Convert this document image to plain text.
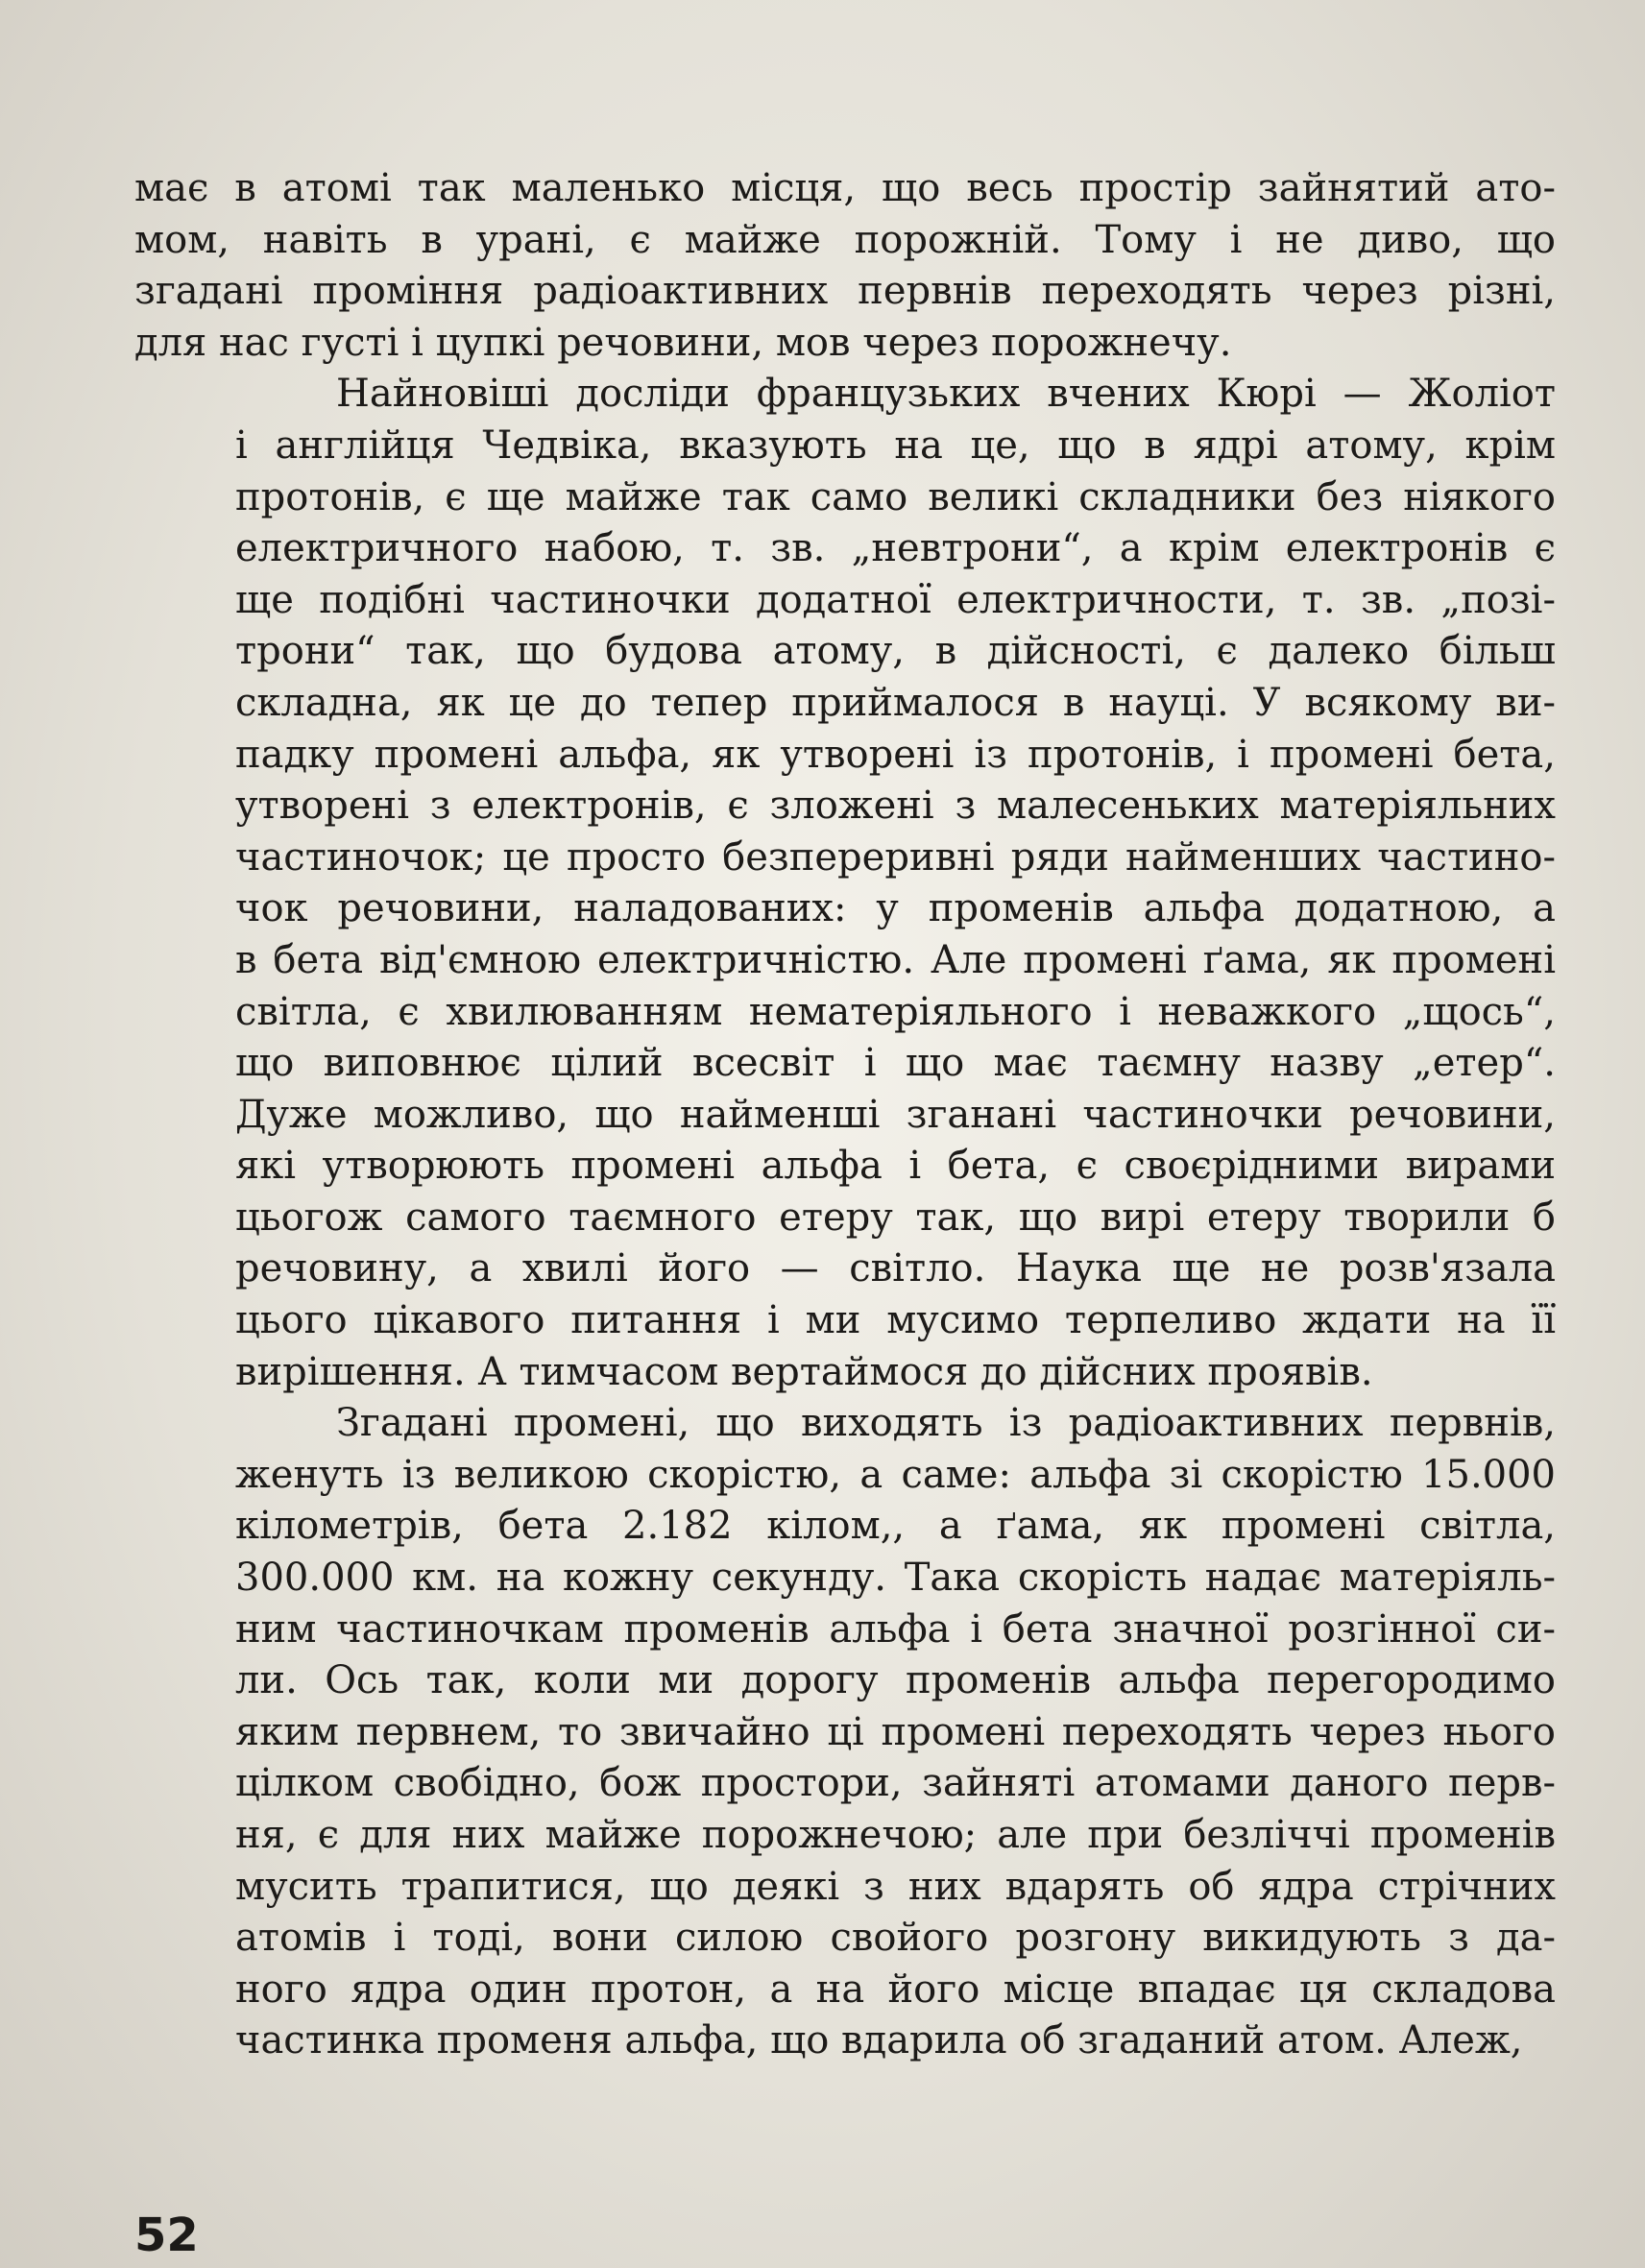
має в атомі так маленько місця, що весь простір зайнятий ато-
мом, навіть в урані, є майже порожній. Тому і не диво, що
згадані проміння радіоактивних первнів переходять через різні,
для нас густі і цупкі речовини, мов через порожнечу.
Найновіші досліди французьких вчених Кюрі — Жоліот
і англійця Чедвіка, вказують на це, що в ядрі атому, крім
протонів, є ще майже так само великі складники без ніякого
електричного набою, т. зв. „невтрони“, а крім електронів є
ще подібні частиночки додатної електричности, т. зв. „позі-
трони“ так, що будова атому, в дійсності, є далеко більш
складна, як це до тепер приймалося в науці. У всякому ви-
падку промені альфа, як утворені із протонів, і промені бета,
утворені з електронів, є зложені з малесеньких матеріяльних
частиночок; це просто безпереривні ряди найменших частино-
чок речовини, наладованих: у променів альфа додатною, а
в бета від'ємною електричністю. Але промені ґама, як промені
світла, є хвилюванням нематеріяльного і неважкого „щось“,
що виповнює цілий всесвіт і що має таємну назву „етер“.
Дуже можливо, що найменші зганані частиночки речовини,
які утворюють промені альфа і бета, є своєрідними вирами
цьогож самого таємного етеру так, що вирі етеру творили б
речовину, а хвилі його — світло. Наука ще не розв'язала
цього цікавого питання і ми мусимо терпеливо ждати на її
вирішення. А тимчасом вертаймося до дійсних проявів.
Згадані промені, що виходять із радіоактивних первнів,
женуть із великою скорістю, а саме: альфа зі скорістю 15.000
кілометрів, бета 2.182 кілом,, а ґама, як промені світла,
300.000 км. на кожну секунду. Така скорість надає матеріяль-
ним частиночкам променів альфа і бета значної розгінної си-
ли. Ось так, коли ми дорогу променів альфа перегородимо
яким первнем, то звичайно ці промені переходять через нього
цілком свобідно, бож простори, зайняті атомами даного перв-
ня, є для них майже порожнечою; але при безліччі променів
мусить трапитися, що деякі з них вдарять об ядра стрічних
атомів і тоді, вони силою свойого розгону викидують з да-
ного ядра один протон, а на його місце впадає ця складова
частинка променя альфа, що вдарила об згаданий атом. Алеж,
52
